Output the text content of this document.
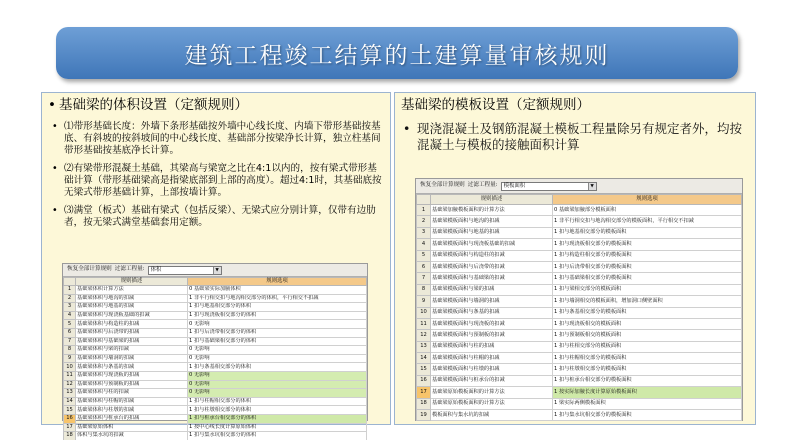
建筑工程竣工结算的土建算量审核规则
• 基础梁的体积设置（定额规则）
• ⑴带形基础长度：外墙下条形基础按外墙中心线长度、内墙下带形基础按基底、有斜坡的按斜坡间的中心线长度、基础部分按梁净长计算，独立柱基间带形基础按基底净长计算。
• ⑵有梁带形混凝土基础，其梁高与梁宽之比在4:1以内的，按有梁式带形基础计算（带形基础梁高是指梁底部到上部的高度）。超过4:1时，其基础底按无梁式带形基础计算，上部按墙计算。
• ⑶满堂（板式）基础有梁式（包括反梁）、无梁式应分别计算，仅带有边肋者，按无梁式满堂基础套用定额。
恢复全部计算规则 过滤工程量:	体积	▼
	规则描述	规则选项
1	基础梁体积计算方法	0 基础梁实际加腋体积
2	基础梁体积与地沟的扣减	1 非平行相交扣与地沟相交部分的体积，平行相交不扣减
3	基础梁体积与地基的扣减	1 扣与地基相交部分的体积
4	基础梁体积与现浇板基础的扣减	1 扣与现浇板相交部分的体积
5	基础梁体积与构造柱的扣减	0 无影响
6	基础梁体积与后浇带的扣减	1 扣与后浇带相交部分的体积
7	基础梁体积与基础梁的扣减	1 扣与基础梁相交部分的体积
8	基础梁体积与梁的扣减	0 无影响
9	基础梁体积与墙洞的扣减	0 无影响
10	基础梁体积与条基的扣减	1 扣与条基相交部分的体积
11	基础梁体积与现浇板的扣减	0 无影响
12	基础梁体积与预制板的扣减	0 无影响
13	基础梁体积与柱的扣减	0 无影响
14	基础梁体积与柱帽的扣减	1 扣与柱帽相交部分的体积
15	基础梁体积与柱墩的扣减	1 扣与柱墩相交部分的体积
16	基础梁体积与桩承台的扣减	1 扣与桩承台相交部分的体积
17	基础梁原始体积	1 按中心线长度计算原始体积
18	体积与集水坑的扣减	1 扣与集水坑相交部分的体积
基础梁的模板设置（定额规则）
• 现浇混凝土及钢筋混凝土模板工程量除另有规定者外，均按混凝土与模板的接触面积计算
恢复全部计算规则 过滤工程量:	模板面积	▼
	规则描述	规则选项
1	基础梁加腋模板面积的计算方法	0 基础梁加腋部分模板面积
2	基础梁模板面积与地沟的扣减	1 非平行相交扣与地沟相交部分的模板面积，平行相交不扣减
3	基础梁模板面积与地基的扣减	1 扣与地基相交部分的模板面积
4	基础梁模板面积与现浇板基础的扣减	1 扣与现浇板相交部分的模板面积
5	基础梁模板面积与构造柱的扣减	1 扣与构造柱相交部分的模板面积
6	基础梁模板面积与后浇带的扣减	1 扣与后浇带相交部分的模板面积
7	基础梁模板面积与基础梁的扣减	1 扣与基础梁相交部分的模板面积
8	基础梁模板面积与梁的扣减	1 扣与梁相交部分的模板面积
9	基础梁模板面积与墙洞的扣减	1 扣与墙洞相交的模板面积，增加洞口侧壁面积
10	基础梁模板面积与条基的扣减	1 扣与条基相交部分的模板面积
11	基础梁模板面积与现浇板的扣减	1 扣与现浇板相交的模板面积
12	基础梁模板面积与预制板的扣减	1 扣与预制板相交的模板面积
13	基础梁模板面积与柱的扣减	1 扣与柱相交部分的模板面积
14	基础梁模板面积与柱帽的扣减	1 扣与柱帽相交部分的模板面积
15	基础梁模板面积与柱墩的扣减	1 扣与柱墩相交部分的模板面积
16	基础梁模板面积与桩承台的扣减	1 扣与桩承台相交部分的模板面积
17	基础梁原始模板面积的计算方法	1 按实际加腋长度计算原始模板面积
18	基础梁原始模板面积的计算方法	1 梁实际两侧模板面积
19	模板面积与集水坑的扣减	1 扣与集水坑相交部分的模板面积
